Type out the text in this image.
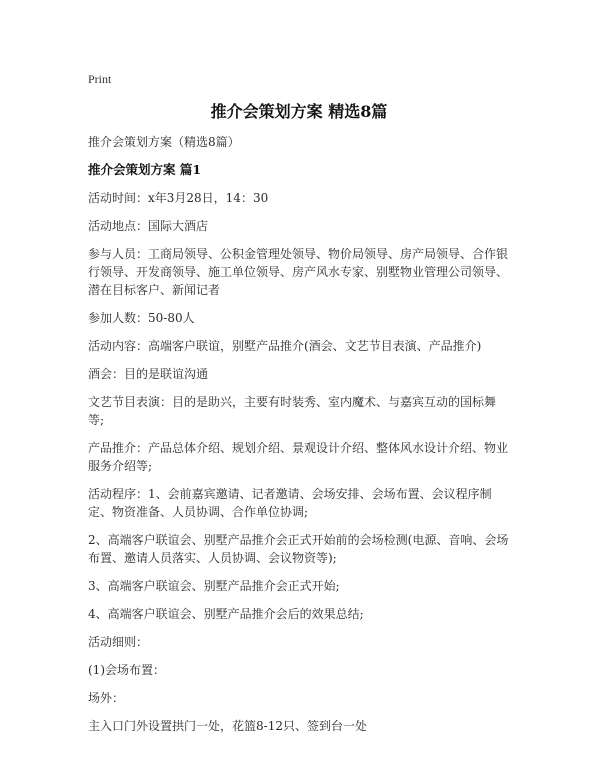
Print
推介会策划方案 精选8篇

推介会策划方案（精选8篇）

推介会策划方案 篇1

活动时间：x年3月28日，14：30

活动地点：国际大酒店

参与人员：工商局领导、公积金管理处领导、物价局领导、房产局领导、合作银行领导、开发商领导、施工单位领导、房产风水专家、别墅物业管理公司领导、潜在目标客户、新闻记者

参加人数：50-80人

活动内容：高端客户联谊，别墅产品推介(酒会、文艺节目表演、产品推介)

酒会：目的是联谊沟通

文艺节目表演：目的是助兴，主要有时装秀、室内魔术、与嘉宾互动的国标舞等;

产品推介：产品总体介绍、规划介绍、景观设计介绍、整体风水设计介绍、物业服务介绍等;

活动程序：1、会前嘉宾邀请、记者邀请、会场安排、会场布置、会议程序制定、物资准备、人员协调、合作单位协调;

2、高端客户联谊会、别墅产品推介会正式开始前的会场检测(电源、音响、会场布置、邀请人员落实、人员协调、会议物资等);

3、高端客户联谊会、别墅产品推介会正式开始;

4、高端客户联谊会、别墅产品推介会后的效果总结;

活动细则：

(1)会场布置：

场外：

主入口门外设置拱门一处，花篮8-12只、签到台一处
